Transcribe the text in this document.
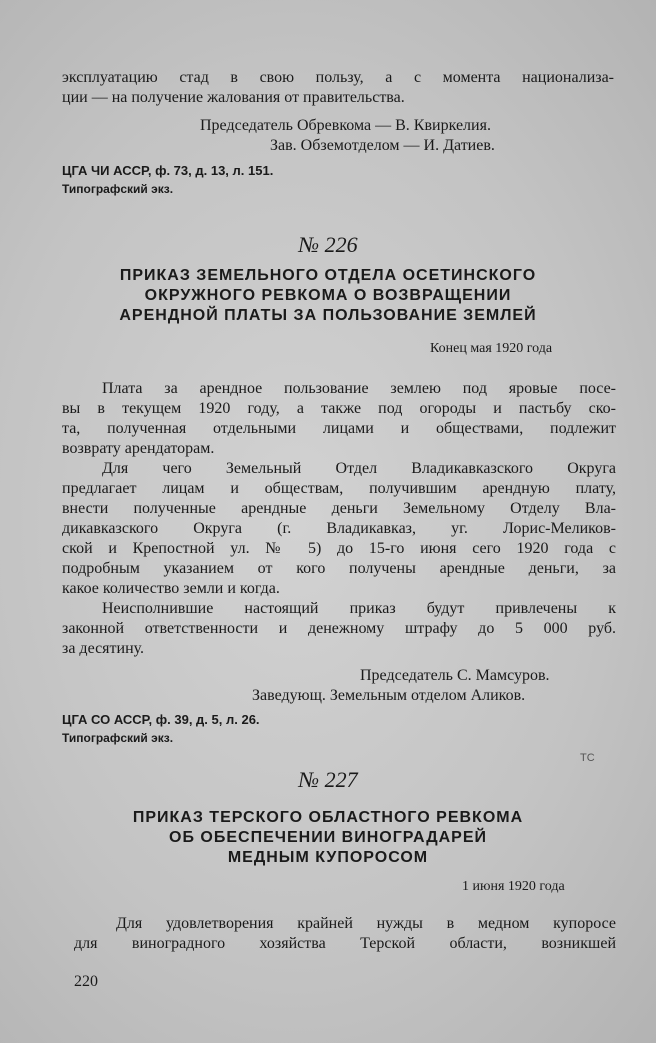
эксплуатацию стад в свою пользу, а с момента национализа-
ции — на получение жалования от правительства.
Председатель Обревкома — В. Квиркелия.
Зав. Обземотделом — И. Датиев.
ЦГА ЧИ АССР, ф. 73, д. 13, л. 151.
Типографский экз.
№ 226
ПРИКАЗ ЗЕМЕЛЬНОГО ОТДЕЛА ОСЕТИНСКОГО
ОКРУЖНОГО РЕВКОМА О ВОЗВРАЩЕНИИ
АРЕНДНОЙ ПЛАТЫ ЗА ПОЛЬЗОВАНИЕ ЗЕМЛЕЙ
Конец мая 1920 года
Плата за арендное пользование землею под яровые посе-
вы в текущем 1920 году, а также под огороды и пастьбу ско-
та, полученная отдельными лицами и обществами, подлежит
возврату арендаторам.
Для чего Земельный Отдел Владикавказского Округа
предлагает лицам и обществам, получившим арендную плату,
внести полученные арендные деньги Земельному Отделу Вла-
дикавказского Округа (г. Владикавказ, уг. Лорис-Меликов-
ской и Крепостной ул. № 5) до 15-го июня сего 1920 года с
подробным указанием от кого получены арендные деньги, за
какое количество земли и когда.
Неисполнившие настоящий приказ будут привлечены к
законной ответственности и денежному штрафу до 5 000 руб.
за десятину.
Председатель С. Мамсуров.
Заведующ. Земельным отделом Аликов.
ЦГА СО АССР, ф. 39, д. 5, л. 26.
Типографский экз.
ТС
№ 227
ПРИКАЗ ТЕРСКОГО ОБЛАСТНОГО РЕВКОМА
ОБ ОБЕСПЕЧЕНИИ ВИНОГРАДАРЕЙ
МЕДНЫМ КУПОРОСОМ
1 июня 1920 года
Для удовлетворения крайней нужды в медном купоросе
для виноградного хозяйства Терской области, возникшей
220
